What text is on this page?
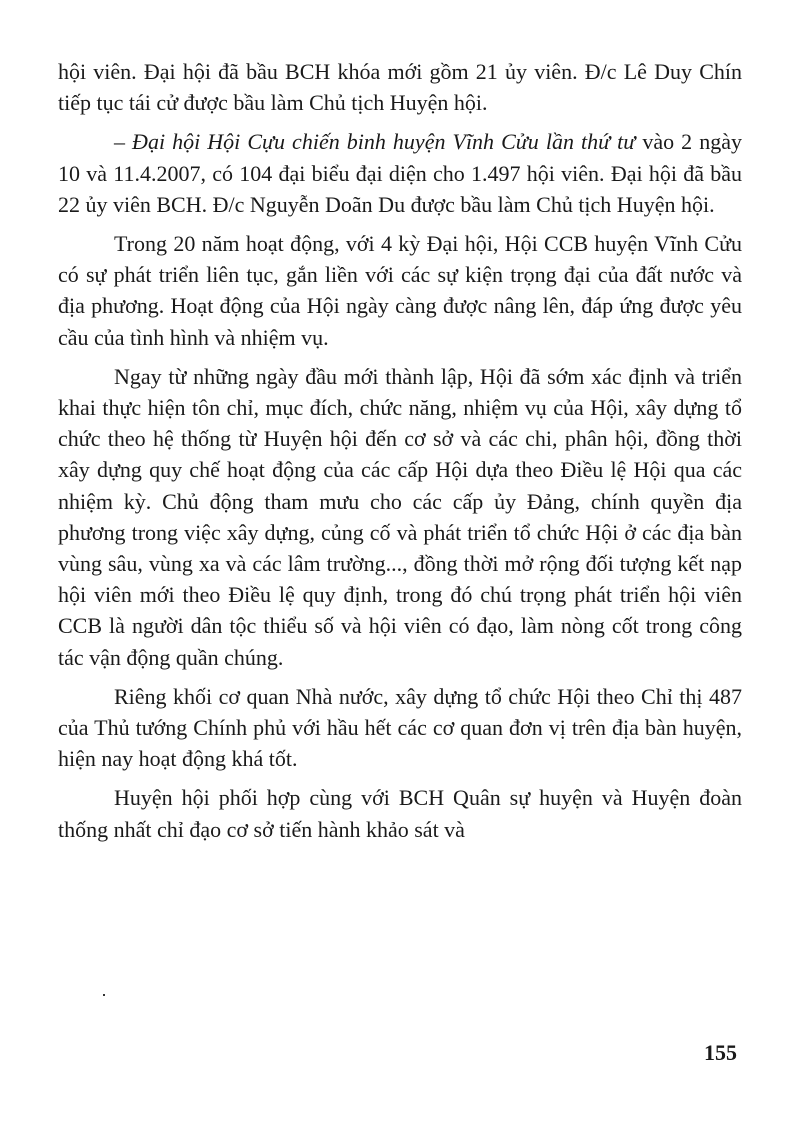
hội viên. Đại hội đã bầu BCH khóa mới gồm 21 ủy viên. Đ/c Lê Duy Chín tiếp tục tái cử được bầu làm Chủ tịch Huyện hội.

– Đại hội Hội Cựu chiến binh huyện Vĩnh Cửu lần thứ tư vào 2 ngày 10 và 11.4.2007, có 104 đại biểu đại diện cho 1.497 hội viên. Đại hội đã bầu 22 ủy viên BCH. Đ/c Nguyễn Doãn Du được bầu làm Chủ tịch Huyện hội.

Trong 20 năm hoạt động, với 4 kỳ Đại hội, Hội CCB huyện Vĩnh Cửu có sự phát triển liên tục, gắn liền với các sự kiện trọng đại của đất nước và địa phương. Hoạt động của Hội ngày càng được nâng lên, đáp ứng được yêu cầu của tình hình và nhiệm vụ.

Ngay từ những ngày đầu mới thành lập, Hội đã sớm xác định và triển khai thực hiện tôn chỉ, mục đích, chức năng, nhiệm vụ của Hội, xây dựng tổ chức theo hệ thống từ Huyện hội đến cơ sở và các chi, phân hội, đồng thời xây dựng quy chế hoạt động của các cấp Hội dựa theo Điều lệ Hội qua các nhiệm kỳ. Chủ động tham mưu cho các cấp ủy Đảng, chính quyền địa phương trong việc xây dựng, củng cố và phát triển tổ chức Hội ở các địa bàn vùng sâu, vùng xa và các lâm trường..., đồng thời mở rộng đối tượng kết nạp hội viên mới theo Điều lệ quy định, trong đó chú trọng phát triển hội viên CCB là người dân tộc thiểu số và hội viên có đạo, làm nòng cốt trong công tác vận động quần chúng.

Riêng khối cơ quan Nhà nước, xây dựng tổ chức Hội theo Chỉ thị 487 của Thủ tướng Chính phủ với hầu hết các cơ quan đơn vị trên địa bàn huyện, hiện nay hoạt động khá tốt.

Huyện hội phối hợp cùng với BCH Quân sự huyện và Huyện đoàn thống nhất chỉ đạo cơ sở tiến hành khảo sát và

155
